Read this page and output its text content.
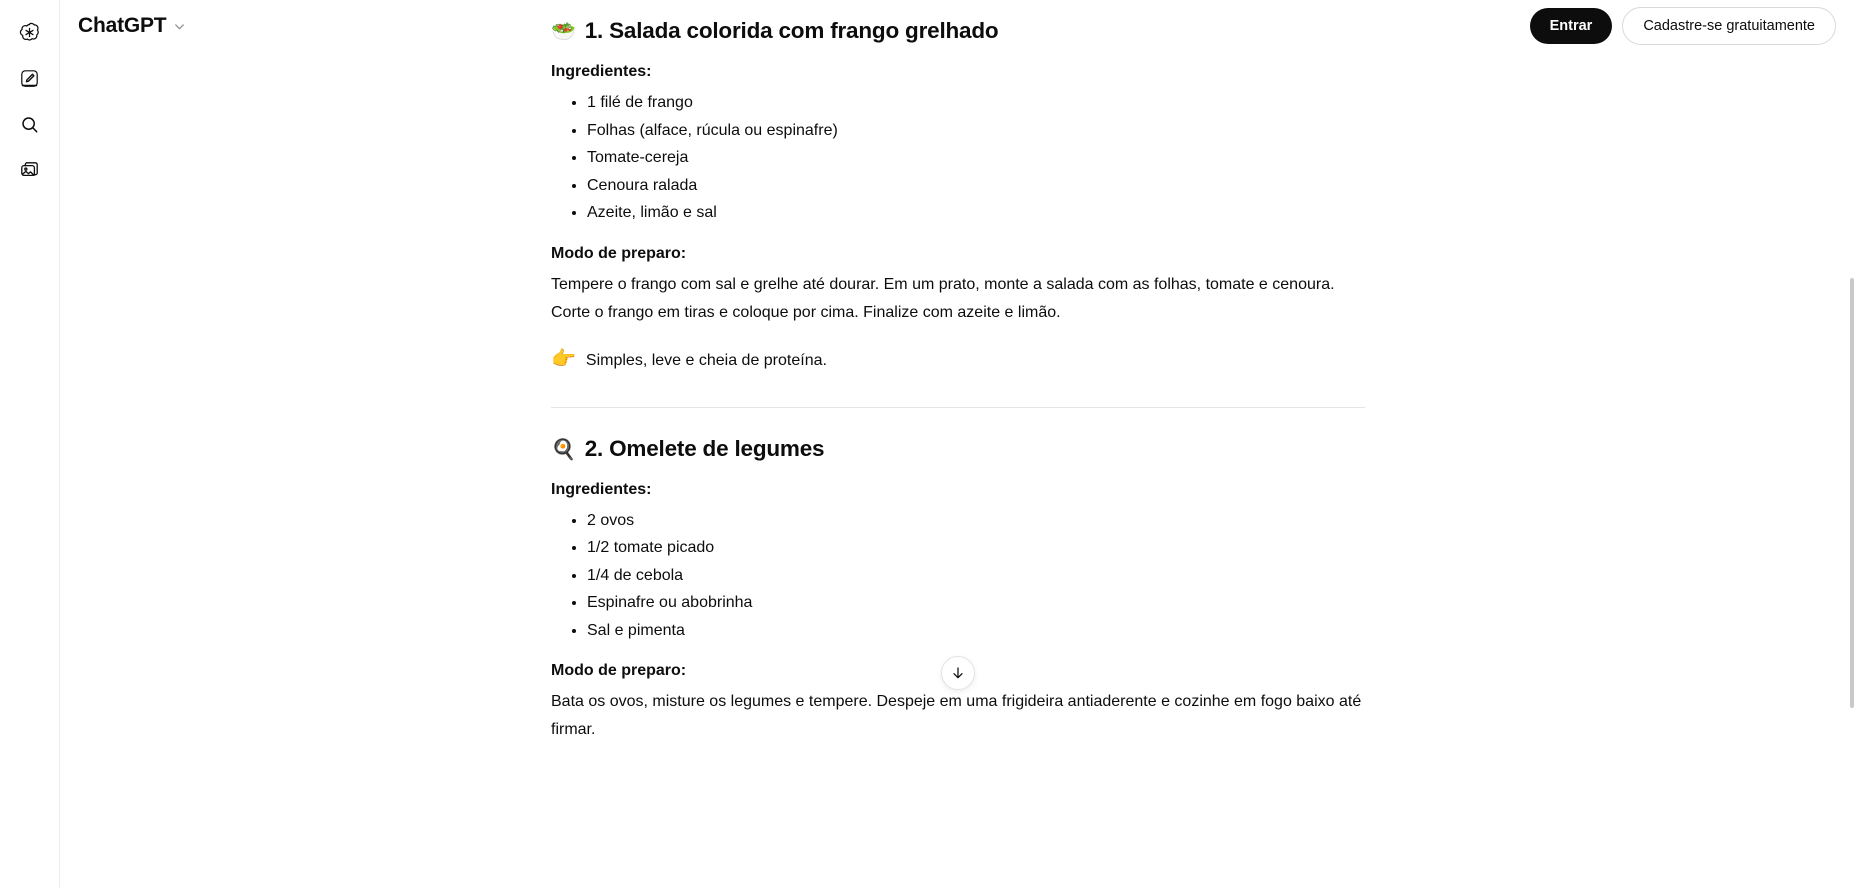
ChatGPT	Entrar	Cadastre-se gratuitamente
🥗 1. Salada colorida com frango grelhado

Ingredientes:

• 1 filé de frango
• Folhas (alface, rúcula ou espinafre)
• Tomate-cereja
• Cenoura ralada
• Azeite, limão e sal

Modo de preparo:

Tempere o frango com sal e grelhe até dourar. Em um prato, monte a salada com as folhas, tomate e cenoura. Corte o frango em tiras e coloque por cima. Finalize com azeite e limão.

👉 Simples, leve e cheia de proteína.

🍳 2. Omelete de legumes

Ingredientes:

• 2 ovos
• 1/2 tomate picado
• 1/4 de cebola
• Espinafre ou abobrinha
• Sal e pimenta

Modo de preparo:

Bata os ovos, misture os legumes e tempere. Despeje em uma frigideira antiaderente e cozinhe em fogo baixo até firmar.
